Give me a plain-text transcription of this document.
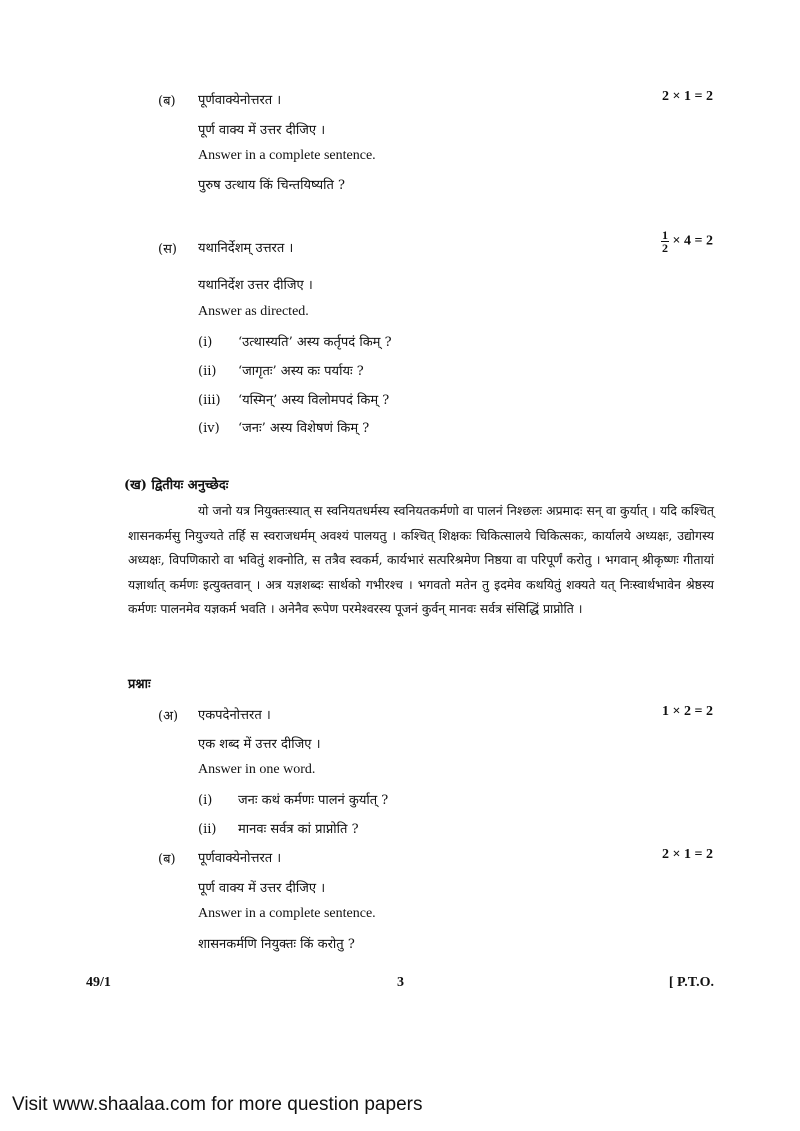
(ब) पूर्णवाक्येनोत्तरत ।	2 × 1 = 2
पूर्ण वाक्य में उत्तर दीजिए ।
Answer in a complete sentence.
पुरुष उत्थाय किं चिन्तयिष्यति ?
(स) यथानिर्देशम् उत्तरत ।	$\frac{1}{2} \times 4 = 2$
यथानिर्देश उत्तर दीजिए ।
Answer as directed.
(i) ‘उत्थास्यति’ अस्य कर्तृपदं किम् ?
(ii) ‘जागृतः’ अस्य कः पर्यायः ?
(iii) ‘यस्मिन्’ अस्य विलोमपदं किम् ?
(iv) ‘जनः’ अस्य विशेषणं किम् ?
(ख) द्वितीयः अनुच्छेदः

यो जनो यत्र नियुक्तःस्यात् स स्वनियतधर्मस्य स्वनियतकर्मणो वा पालनं निश्छलः अप्रमादः सन् वा कुर्यात् । यदि कश्चित् शासनकर्मसु नियुज्यते तर्हि स स्वराजधर्मम् अवश्यं पालयतु । कश्चित् शिक्षकः चिकित्सालये चिकित्सकः, कार्यालये अध्यक्षः, उद्योगस्य अध्यक्षः, विपणिकारो वा भवितुं शक्नोति, स तत्रैव स्वकर्म, कार्यभारं सत्परिश्रमेण निष्ठया वा परिपूर्णं करोतु । भगवान् श्रीकृष्णः गीतायां यज्ञार्थात् कर्मणः इत्युक्तवान् । अत्र यज्ञशब्दः सार्थको गभीरश्च । भगवतो मतेन तु इदमेव कथयितुं शक्यते यत् निःस्वार्थभावेन श्रेष्ठस्य कर्मणः पालनमेव यज्ञकर्म भवति । अनेनैव रूपेण परमेश्वरस्य पूजनं कुर्वन् मानवः सर्वत्र संसिद्धिं प्राप्नोति ।

प्रश्नाः
(अ) एकपदेनोत्तरत ।	1 × 2 = 2
एक शब्द में उत्तर दीजिए ।
Answer in one word.
(i) जनः कथं कर्मणः पालनं कुर्यात् ?
(ii) मानवः सर्वत्र कां प्राप्नोति ?
(ब) पूर्णवाक्येनोत्तरत ।	2 × 1 = 2
पूर्ण वाक्य में उत्तर दीजिए ।
Answer in a complete sentence.
शासनकर्मणि नियुक्तः किं करोतु ?
49/1	3	[ P.T.O.
Visit www.shaalaa.com for more question papers
